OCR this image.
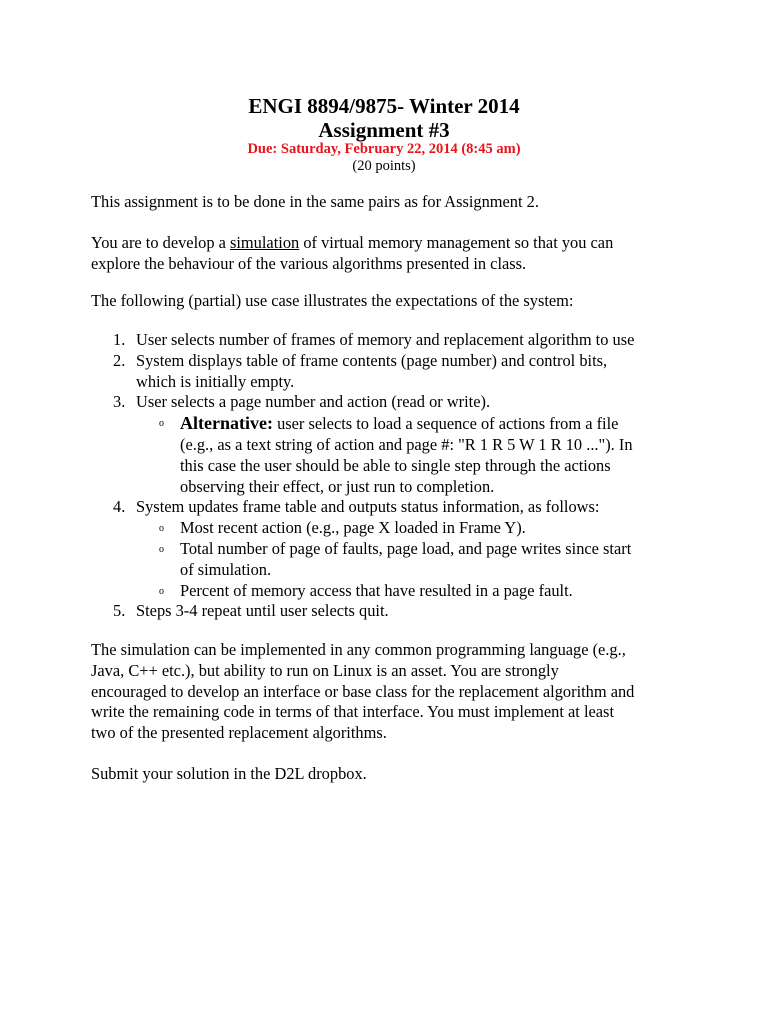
ENGI 8894/9875- Winter 2014
Assignment #3
Due: Saturday, February 22, 2014 (8:45 am)
(20 points)

This assignment is to be done in the same pairs as for Assignment 2.

You are to develop a simulation of virtual memory management so that you can

explore the behaviour of the various algorithms presented in class.

The following (partial) use case illustrates the expectations of the system:

1. User selects number of frames of memory and replacement algorithm to use
2. System displays table of frame contents (page number) and control bits,
which is initially empty.
3. User selects a page number and action (read or write).
o Alternative: user selects to load a sequence of actions from a file
(e.g., as a text string of action and page #: "R 1 R 5 W 1 R 10 ..."). In
this case the user should be able to single step through the actions
observing their effect, or just run to completion.
4. System updates frame table and outputs status information, as follows:
o Most recent action (e.g., page X loaded in Frame Y).
o Total number of page of faults, page load, and page writes since start
of simulation.
o Percent of memory access that have resulted in a page fault.
5. Steps 3-4 repeat until user selects quit.

The simulation can be implemented in any common programming language (e.g.,

Java, C++ etc.), but ability to run on Linux is an asset. You are strongly

encouraged to develop an interface or base class for the replacement algorithm and

write the remaining code in terms of that interface. You must implement at least

two of the presented replacement algorithms.

Submit your solution in the D2L dropbox.
